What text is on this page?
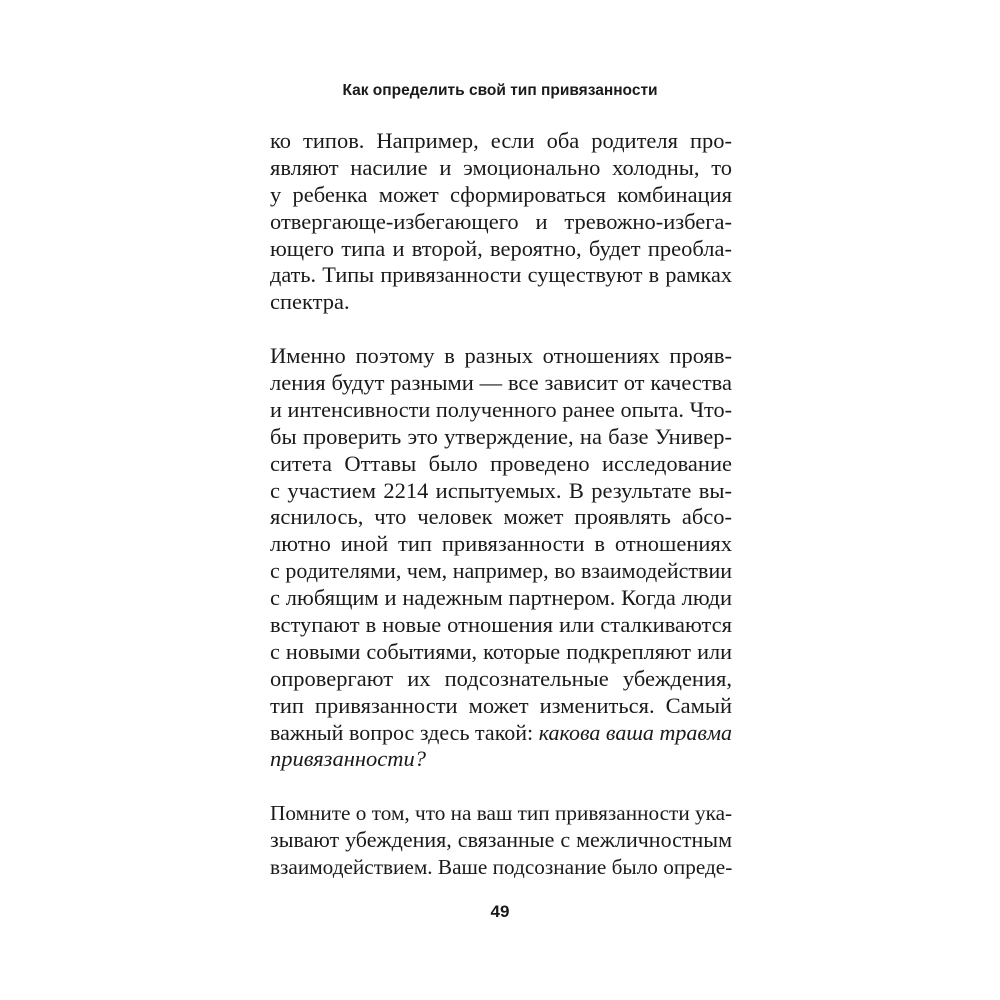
Как определить свой тип привязанности
ко типов. Например, если оба родителя про-
являют насилие и эмоционально холодны, то
у ребенка может сформироваться комбинация
отвергающе-избегающего и тревожно-избега-
ющего типа и второй, вероятно, будет преобла-
дать. Типы привязанности существуют в рамках
спектра.
Именно поэтому в разных отношениях прояв-
ления будут разными — все зависит от качества
и интенсивности полученного ранее опыта. Что-
бы проверить это утверждение, на базе Универ-
ситета Оттавы было проведено исследование
с участием 2214 испытуемых. В результате вы-
яснилось, что человек может проявлять абсо-
лютно иной тип привязанности в отношениях
с родителями, чем, например, во взаимодействии
с любящим и надежным партнером. Когда люди
вступают в новые отношения или сталкиваются
с новыми событиями, которые подкрепляют или
опровергают их подсознательные убеждения,
тип привязанности может измениться. Самый
важный вопрос здесь такой: какова ваша травма
привязанности?
Помните о том, что на ваш тип привязанности ука-
зывают убеждения, связанные с межличностным
взаимодействием. Ваше подсознание было опреде-
49
